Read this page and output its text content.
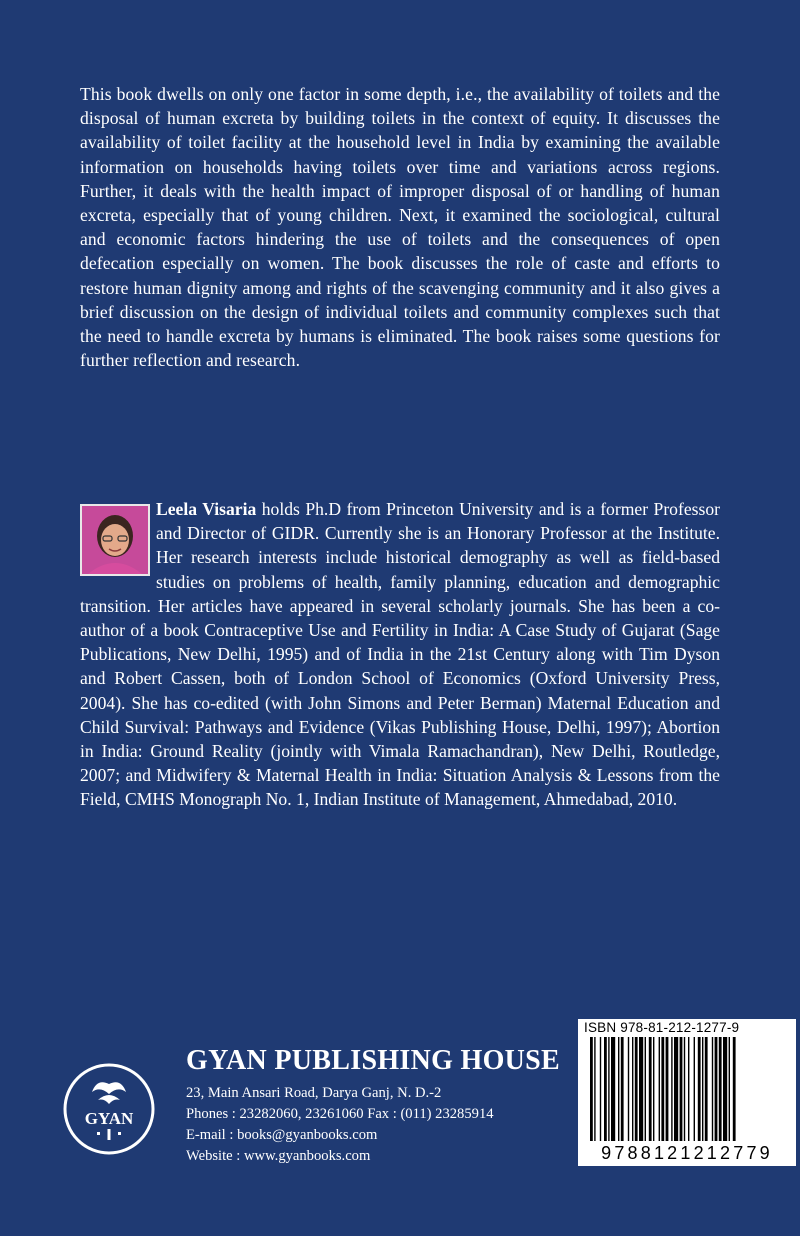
This book dwells on only one factor in some depth, i.e., the availability of toilets and the disposal of human excreta by building toilets in the context of equity. It discusses the availability of toilet facility at the household level in India by examining the available information on households having toilets over time and variations across regions. Further, it deals with the health impact of improper disposal of or handling of human excreta, especially that of young children. Next, it examined the sociological, cultural and economic factors hindering the use of toilets and the consequences of open defecation especially on women. The book discusses the role of caste and efforts to restore human dignity among and rights of the scavenging community and it also gives a brief discussion on the design of individual toilets and community complexes such that the need to handle excreta by humans is eliminated. The book raises some questions for further reflection and research.

Leela Visaria holds Ph.D from Princeton University and is a former Professor and Director of GIDR. Currently she is an Honorary Professor at the Institute. Her research interests include historical demography as well as field-based studies on problems of health, family planning, education and demographic transition. Her articles have appeared in several scholarly journals. She has been a co-author of a book Contraceptive Use and Fertility in India: A Case Study of Gujarat (Sage Publications, New Delhi, 1995) and of India in the 21st Century along with Tim Dyson and Robert Cassen, both of London School of Economics (Oxford University Press, 2004). She has co-edited (with John Simons and Peter Berman) Maternal Education and Child Survival: Pathways and Evidence (Vikas Publishing House, Delhi, 1997); Abortion in India: Ground Reality (jointly with Vimala Ramachandran), New Delhi, Routledge, 2007; and Midwifery & Maternal Health in India: Situation Analysis & Lessons from the Field, CMHS Monograph No. 1, Indian Institute of Management, Ahmedabad, 2010.
GYAN

GYAN PUBLISHING HOUSE

23, Main Ansari Road, Darya Ganj, N. D.-2

Phones : 23282060, 23261060 Fax : (011) 23285914

E-mail : books@gyanbooks.com

Website : www.gyanbooks.com

ISBN 978-81-212-1277-9
9788121212779
